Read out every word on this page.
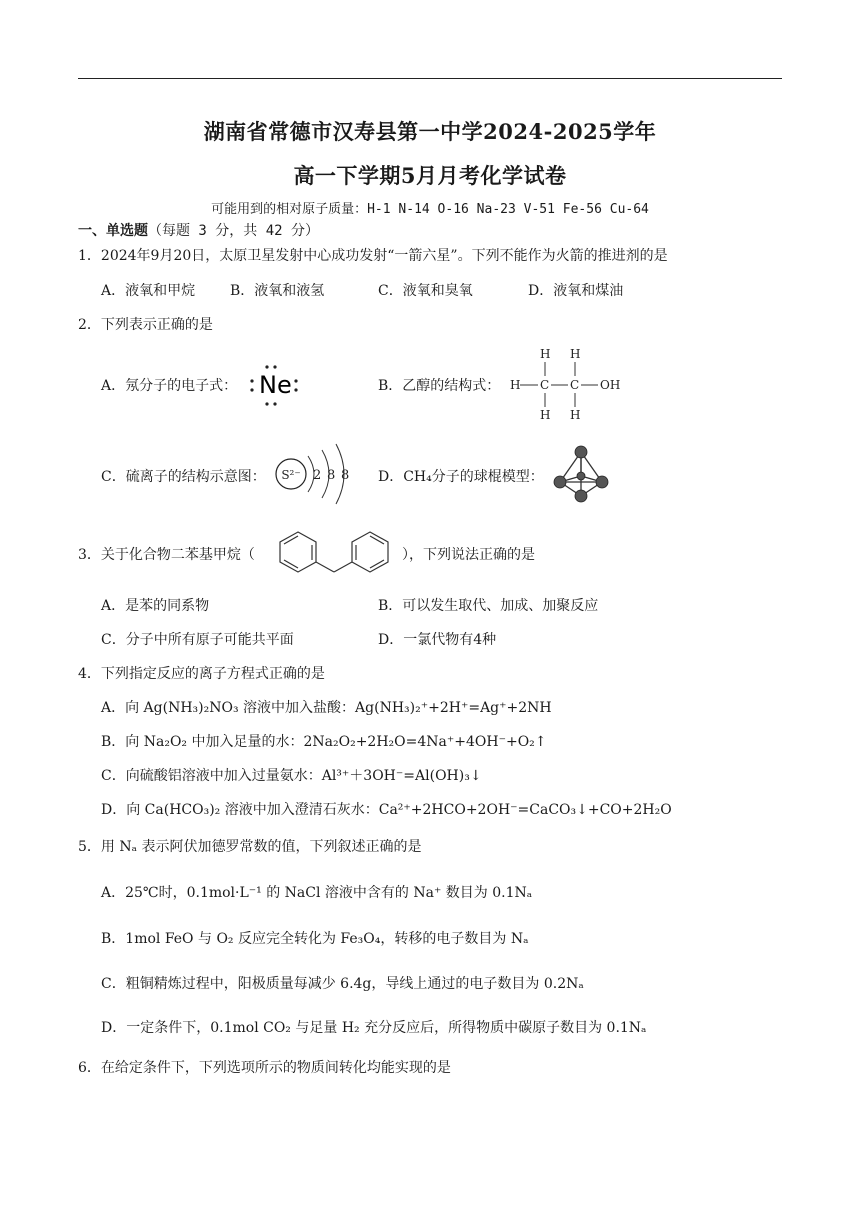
湖南省常德市汉寿县第一中学2024-2025学年
高一下学期5月月考化学试卷
可能用到的相对原子质量：H-1 N-14 O-16 Na-23 V-51 Fe-56 Cu-64
一、单选题（每题 3 分，共 42 分）
1．2024年9月20日，太原卫星发射中心成功发射“一箭六星”。下列不能作为火箭的推进剂的是
A．液氧和甲烷 B．液氧和液氢	C．液氧和臭氧	D．液氧和煤油
2．下列表示正确的是
A．氖分子的电子式： Ne	B．乙醇的结构式：
H H
H C C OH
H H
C．硫离子的结构示意图： S²⁻ 2 8 8 D．CH₄分子的球棍模型：
3．关于化合物二苯基甲烷（	），下列说法正确的是
A．是苯的同系物	B．可以发生取代、加成、加聚反应
C．分子中所有原子可能共平面	D．一氯代物有4种
4．下列指定反应的离子方程式正确的是
A．向 Ag(NH₃)₂NO₃ 溶液中加入盐酸：Ag(NH₃)₂⁺+2H⁺=Ag⁺+2NH
B．向 Na₂O₂ 中加入足量的水：2Na₂O₂+2H₂O=4Na⁺+4OH⁻+O₂↑
C．向硫酸铝溶液中加入过量氨水：Al³⁺＋3OH⁻=Al(OH)₃↓
D．向 Ca(HCO₃)₂ 溶液中加入澄清石灰水：Ca²⁺+2HCO+2OH⁻=CaCO₃↓+CO+2H₂O
5．用 Nₐ 表示阿伏加德罗常数的值，下列叙述正确的是
A．25℃时，0.1mol·L⁻¹ 的 NaCl 溶液中含有的 Na⁺ 数目为 0.1Nₐ
B．1mol FeO 与 O₂ 反应完全转化为 Fe₃O₄，转移的电子数目为 Nₐ
C．粗铜精炼过程中，阳极质量每减少 6.4g，导线上通过的电子数目为 0.2Nₐ
D．一定条件下，0.1mol CO₂ 与足量 H₂ 充分反应后，所得物质中碳原子数目为 0.1Nₐ
6．在给定条件下，下列选项所示的物质间转化均能实现的是
